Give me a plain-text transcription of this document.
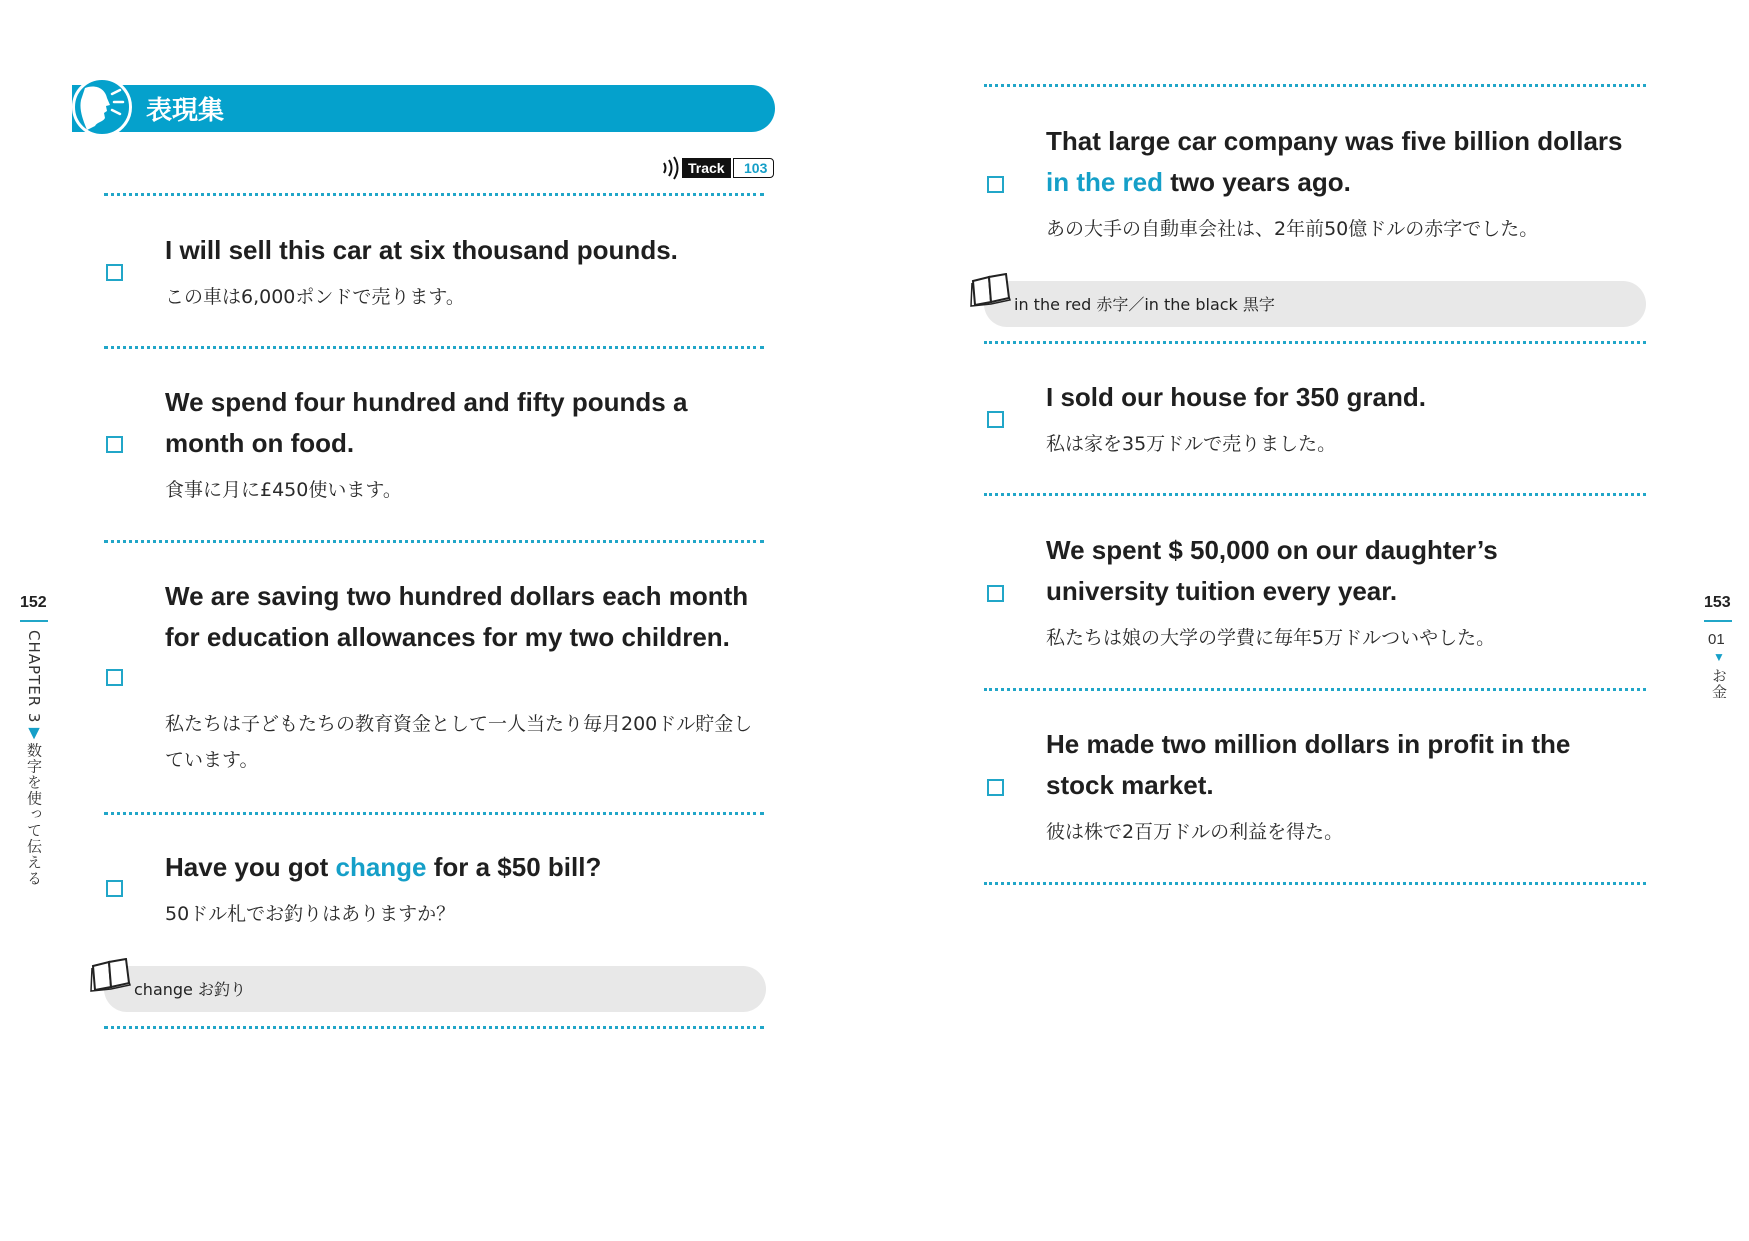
表現集
Track	103
I will sell this car at six thousand pounds.
この車は6,000ポンドで売ります。
We spend four hundred and fifty pounds a month on food.
食事に月に£450使います。
We are saving two hundred dollars each month for education allowances for my two children.
私たちは子どもたちの教育資金として一人当たり毎月200ドル貯金しています。
Have you got change for a $50 bill?
50ドル札でお釣りはありますか？
change お釣り
152
CHAPTER 3▼数字を使って伝える
That large car company was five billion dollars in the red two years ago.
あの大手の自動車会社は、2年前50億ドルの赤字でした。
in the red 赤字／in the black 黒字
I sold our house for 350 grand.
私は家を35万ドルで売りました。
We spent $ 50,000 on our daughter’s university tuition every year.
私たちは娘の大学の学費に毎年5万ドルついやした。
He made two million dollars in profit in the stock market.
彼は株で2百万ドルの利益を得た。
153
01
▼
お金
